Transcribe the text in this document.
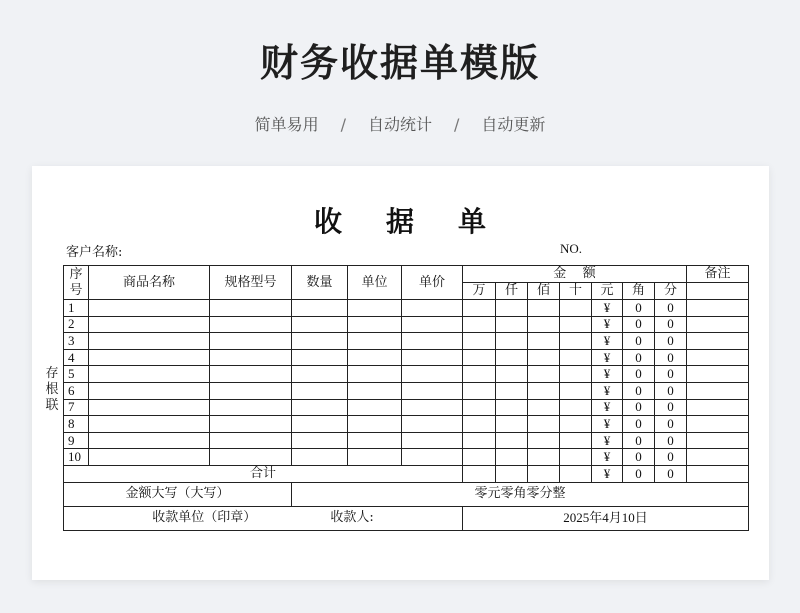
财务收据单模版
简单易用 / 自动统计 / 自动更新
收 据 单
客户名称:	NO.
存
根
联
序
号	商品名称	规格型号	数量	单位	单价	金    额							备注
						万	仟	佰	十	元	角	分	
1										¥	0	0	
2										¥	0	0	
3										¥	0	0	
4										¥	0	0	
5										¥	0	0	
6										¥	0	0	
7										¥	0	0	
8										¥	0	0	
9										¥	0	0	
10										¥	0	0	
合计										¥	0	0	
金额大写（大写）			零元零角零分整										
收款单位（印章） 收款人:						2025年4月10日							
